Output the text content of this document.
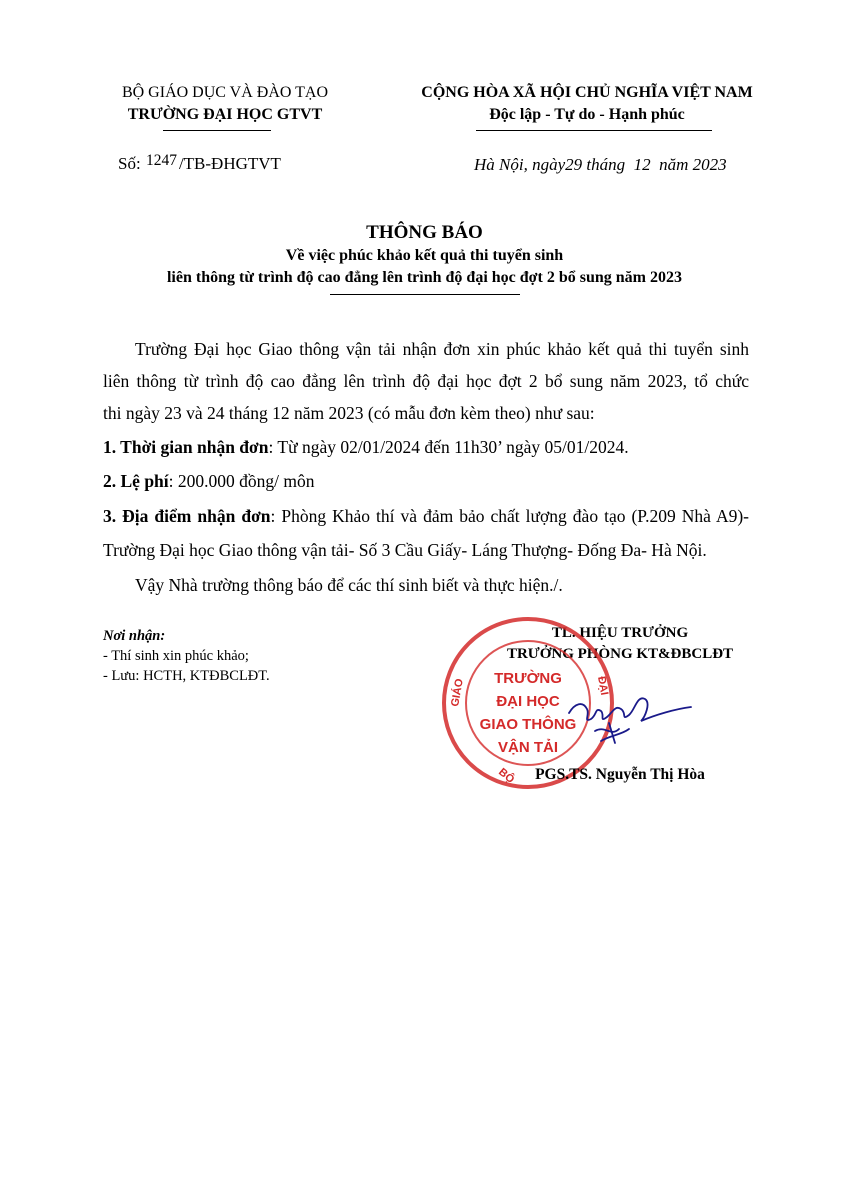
BỘ GIÁO DỤC VÀ ĐÀO TẠO
TRƯỜNG ĐẠI HỌC GTVT
CỘNG HÒA XÃ HỘI CHỦ NGHĨA VIỆT NAM
Độc lập - Tự do - Hạnh phúc
Số: 1247 /TB-ĐHGTVT	Hà Nội, ngày29 tháng  12  năm 2023
THÔNG BÁO
Về việc phúc khảo kết quả thi tuyển sinh
liên thông từ trình độ cao đẳng lên trình độ đại học đợt 2 bổ sung năm 2023
Trường Đại học Giao thông vận tải nhận đơn xin phúc khảo kết quả thi tuyển sinh
liên thông từ trình độ cao đẳng lên trình độ đại học đợt 2 bổ sung năm 2023, tổ chức
thi ngày 23 và 24 tháng 12 năm 2023 (có mẫu đơn kèm theo) như sau:
1. Thời gian nhận đơn: Từ ngày 02/01/2024 đến 11h30’ ngày 05/01/2024.
2. Lệ phí: 200.000 đồng/ môn
3. Địa điểm nhận đơn: Phòng Khảo thí và đảm bảo chất lượng đào tạo (P.209 Nhà A9)-
Trường Đại học Giao thông vận tải- Số 3 Cầu Giấy- Láng Thượng- Đống Đa- Hà Nội.
Vậy Nhà trường thông báo để các thí sinh biết và thực hiện./.
Nơi nhận:
- Thí sinh xin phúc khảo;
- Lưu: HCTH, KTĐBCLĐT.
TL. HIỆU TRƯỞNG
TRƯỞNG PHÒNG KT&ĐBCLĐT
GIÁO
BỘ
ĐẠI
TRƯỜNG
ĐẠI HỌC
GIAO THÔNG
VẬN TẢI
PGS.TS. Nguyễn Thị Hòa
